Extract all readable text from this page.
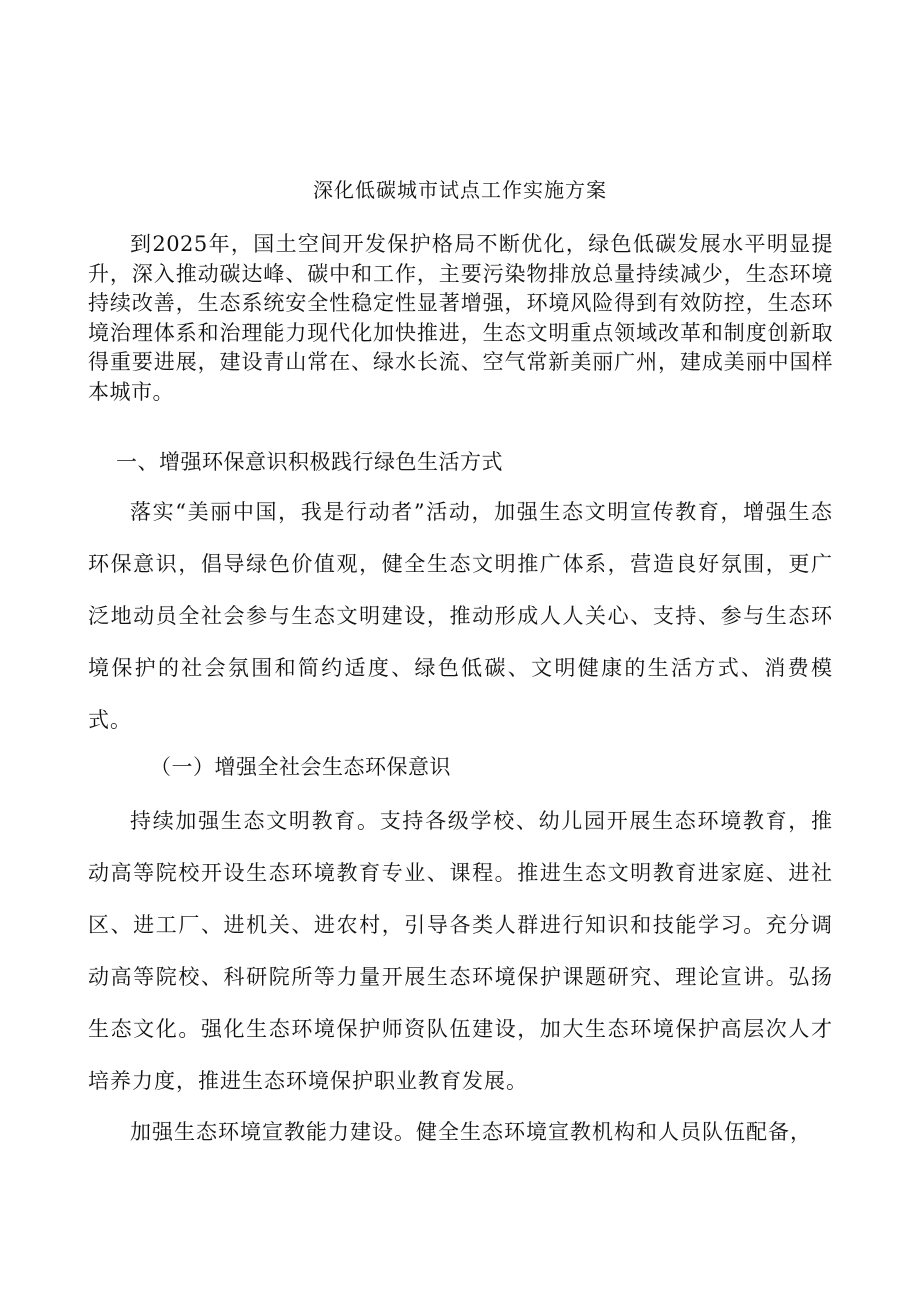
深化低碳城市试点工作实施方案

到2025年，国土空间开发保护格局不断优化，绿色低碳发展水平明显提升，深入推动碳达峰、碳中和工作，主要污染物排放总量持续减少，生态环境持续改善，生态系统安全性稳定性显著增强，环境风险得到有效防控，生态环境治理体系和治理能力现代化加快推进，生态文明重点领域改革和制度创新取得重要进展，建设青山常在、绿水长流、空气常新美丽广州，建成美丽中国样本城市。

一、增强环保意识积极践行绿色生活方式

落实“美丽中国，我是行动者”活动，加强生态文明宣传教育，增强生态环保意识，倡导绿色价值观，健全生态文明推广体系，营造良好氛围，更广泛地动员全社会参与生态文明建设，推动形成人人关心、支持、参与生态环境保护的社会氛围和简约适度、绿色低碳、文明健康的生活方式、消费模式。

（一）增强全社会生态环保意识

持续加强生态文明教育。支持各级学校、幼儿园开展生态环境教育，推动高等院校开设生态环境教育专业、课程。推进生态文明教育进家庭、进社区、进工厂、进机关、进农村，引导各类人群进行知识和技能学习。充分调动高等院校、科研院所等力量开展生态环境保护课题研究、理论宣讲。弘扬生态文化。强化生态环境保护师资队伍建设，加大生态环境保护高层次人才培养力度，推进生态环境保护职业教育发展。

加强生态环境宣教能力建设。健全生态环境宣教机构和人员队伍配备，
